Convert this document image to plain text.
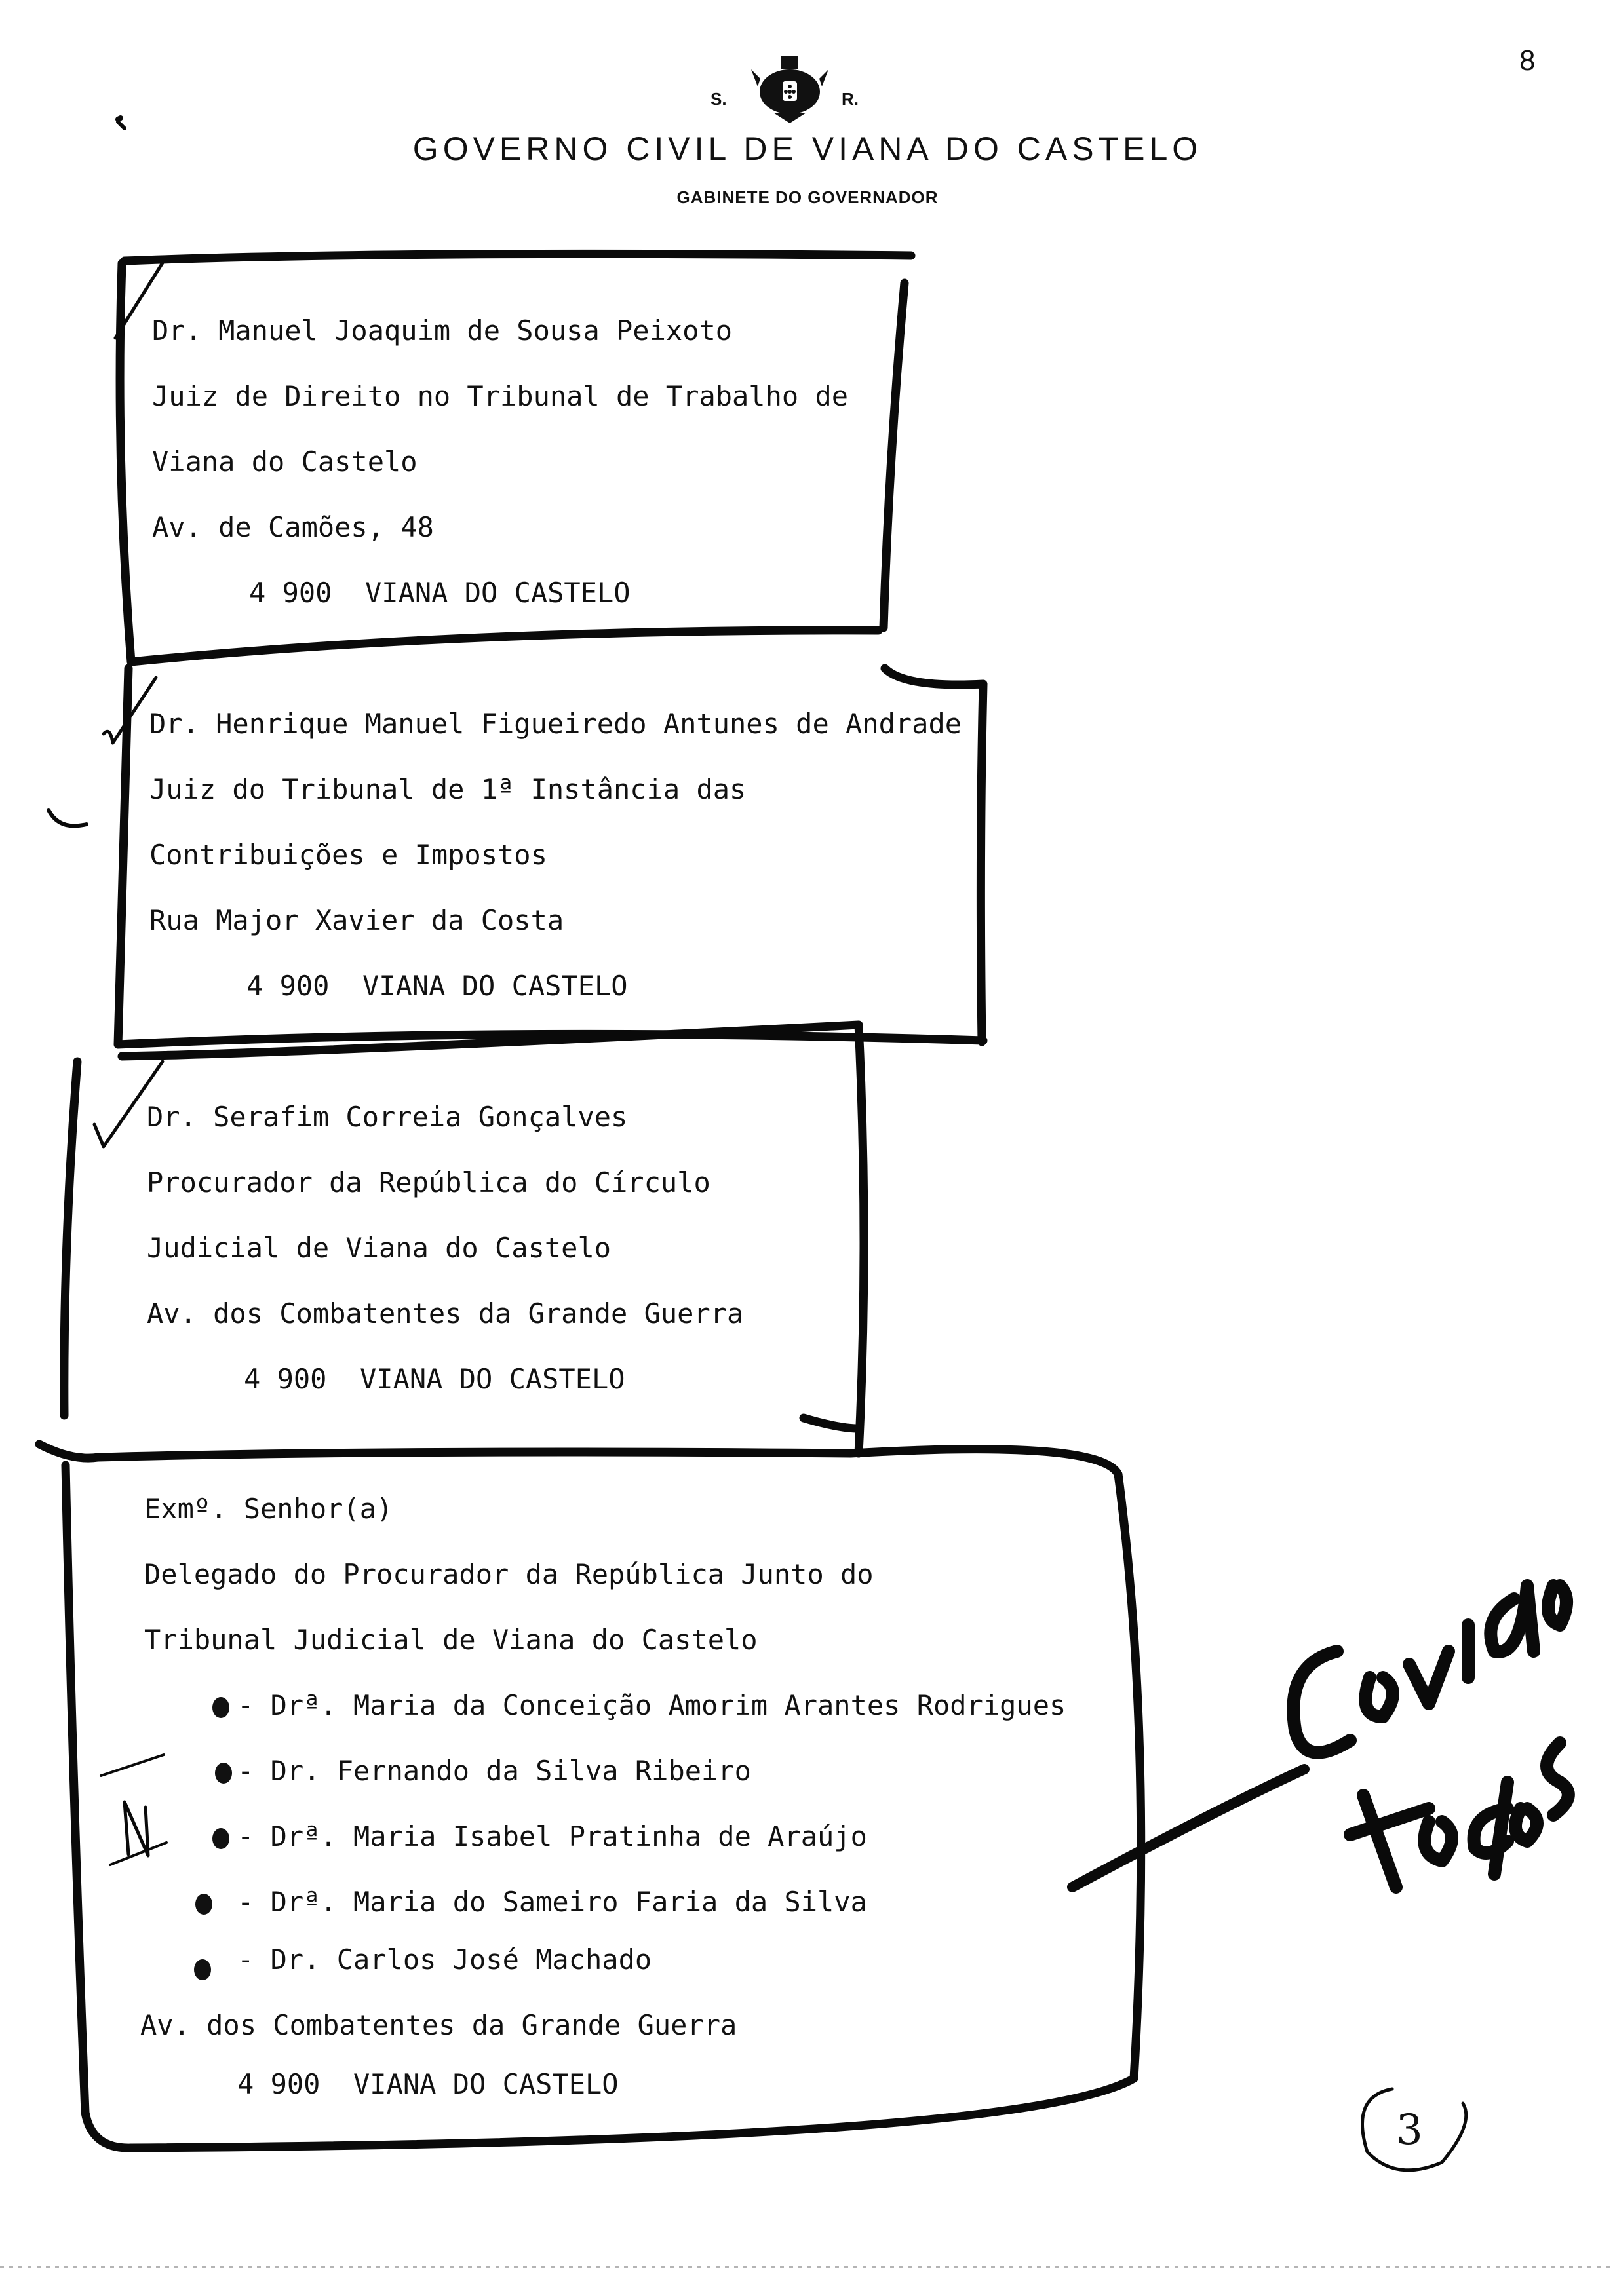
8
S.	R.
GOVERNO CIVIL DE VIANA DO CASTELO
GABINETE DO GOVERNADOR
3
Dr. Manuel Joaquim de Sousa Peixoto
Juiz de Direito no Tribunal de Trabalho de
Viana do Castelo
Av. de Camões, 48
4 900  VIANA DO CASTELO
Dr. Henrique Manuel Figueiredo Antunes de Andrade
Juiz do Tribunal de 1ª Instância das
Contribuições e Impostos
Rua Major Xavier da Costa
4 900  VIANA DO CASTELO
Dr. Serafim Correia Gonçalves
Procurador da República do Círculo
Judicial de Viana do Castelo
Av. dos Combatentes da Grande Guerra
4 900  VIANA DO CASTELO
Exmº. Senhor(a)
Delegado do Procurador da República Junto do
Tribunal Judicial de Viana do Castelo
- Drª. Maria da Conceição Amorim Arantes Rodrigues
- Dr. Fernando da Silva Ribeiro
- Drª. Maria Isabel Pratinha de Araújo
- Drª. Maria do Sameiro Faria da Silva
- Dr. Carlos José Machado
Av. dos Combatentes da Grande Guerra
4 900  VIANA DO CASTELO
